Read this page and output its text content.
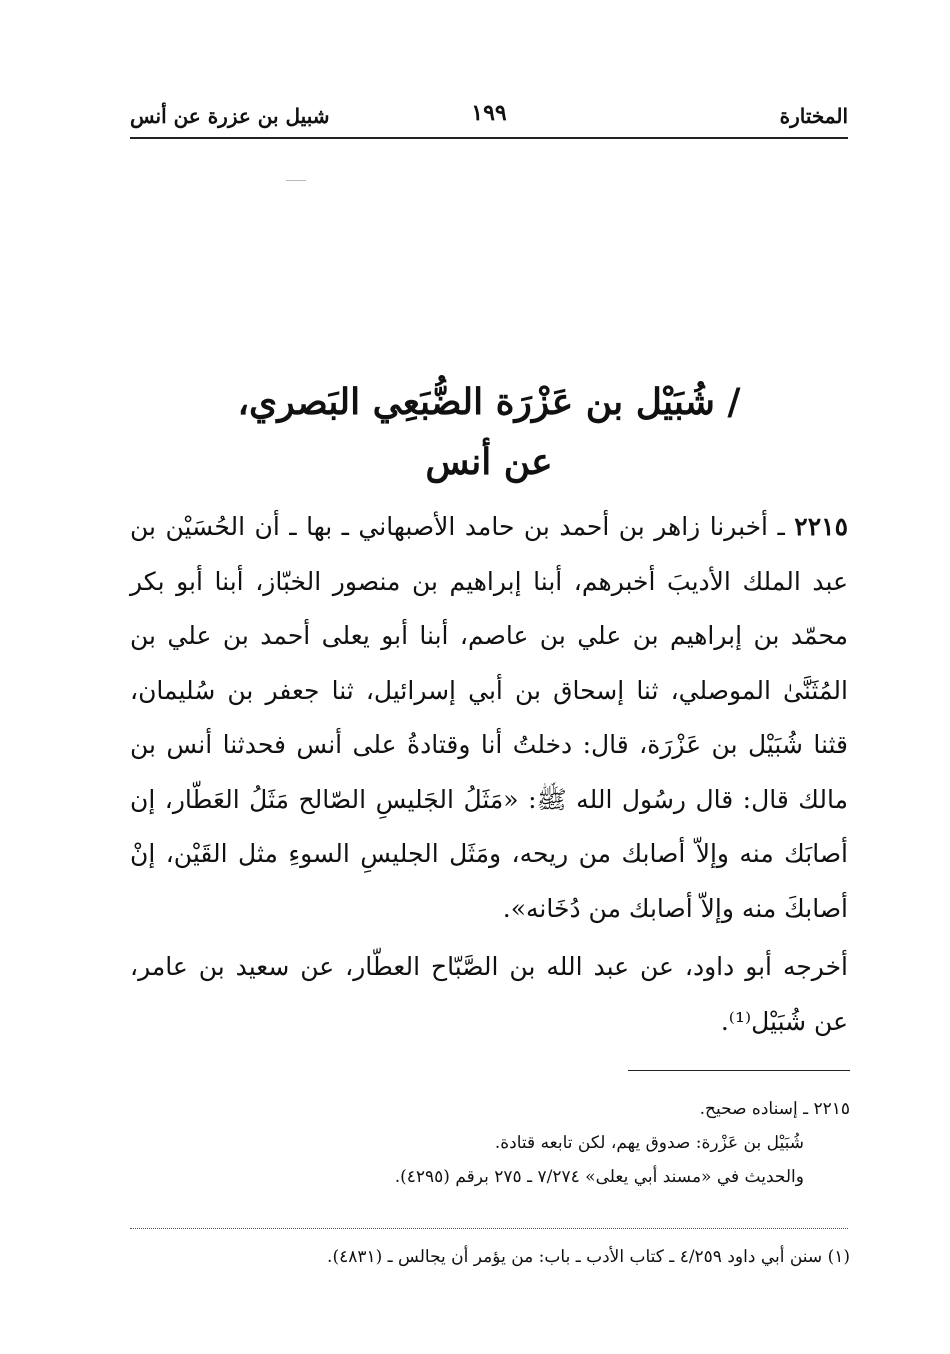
المختارة
١٩٩
شبيل بن عزرة عن أنس
/ شُبَيْل بن عَزْرَة الضُّبَعِي البَصري،
عن أنس

٢٢١٥ ـ أخبرنا زاهر بن أحمد بن حامد الأصبهاني ـ بها ـ أن الحُسَيْن بن عبد الملك الأديبَ أخبرهم، أبنا إبراهيم بن منصور الخبّاز، أبنا أبو بكر محمّد بن إبراهيم بن علي بن عاصم، أبنا أبو يعلى أحمد بن علي بن المُثَنَّىٰ الموصلي، ثنا إسحاق بن أبي إسرائيل، ثنا جعفر بن سُليمان، قثنا شُبَيْل بن عَزْرَة، قال: دخلتُ أنا وقتادةُ على أنس فحدثنا أنس بن مالك قال: قال رسُول الله ﷺ: «مَثَلُ الجَليسِ الصّالح مَثَلُ العَطّار، إن أصابَك منه وإلاّ أصابك من ريحه، ومَثَل الجليسِ السوءِ مثل القَيْن، إنْ أصابكَ منه وإلاّ أصابك من دُخَانه».

أخرجه أبو داود، عن عبد الله بن الصَّبّاح العطّار، عن سعيد بن عامر، عن شُبَيْل⁽¹⁾.

٢٢١٥ ـ إسناده صحيح.
شُبَيْل بن عَزْرة: صدوق يهم، لكن تابعه قتادة.
والحديث في «مسند أبي يعلى» ٧/٢٧٤ ـ ٢٧٥ برقم (٤٢٩٥).
(١) سنن أبي داود ٤/٢٥٩ ـ كتاب الأدب ـ باب: من يؤمر أن يجالس ـ (٤٨٣١).
